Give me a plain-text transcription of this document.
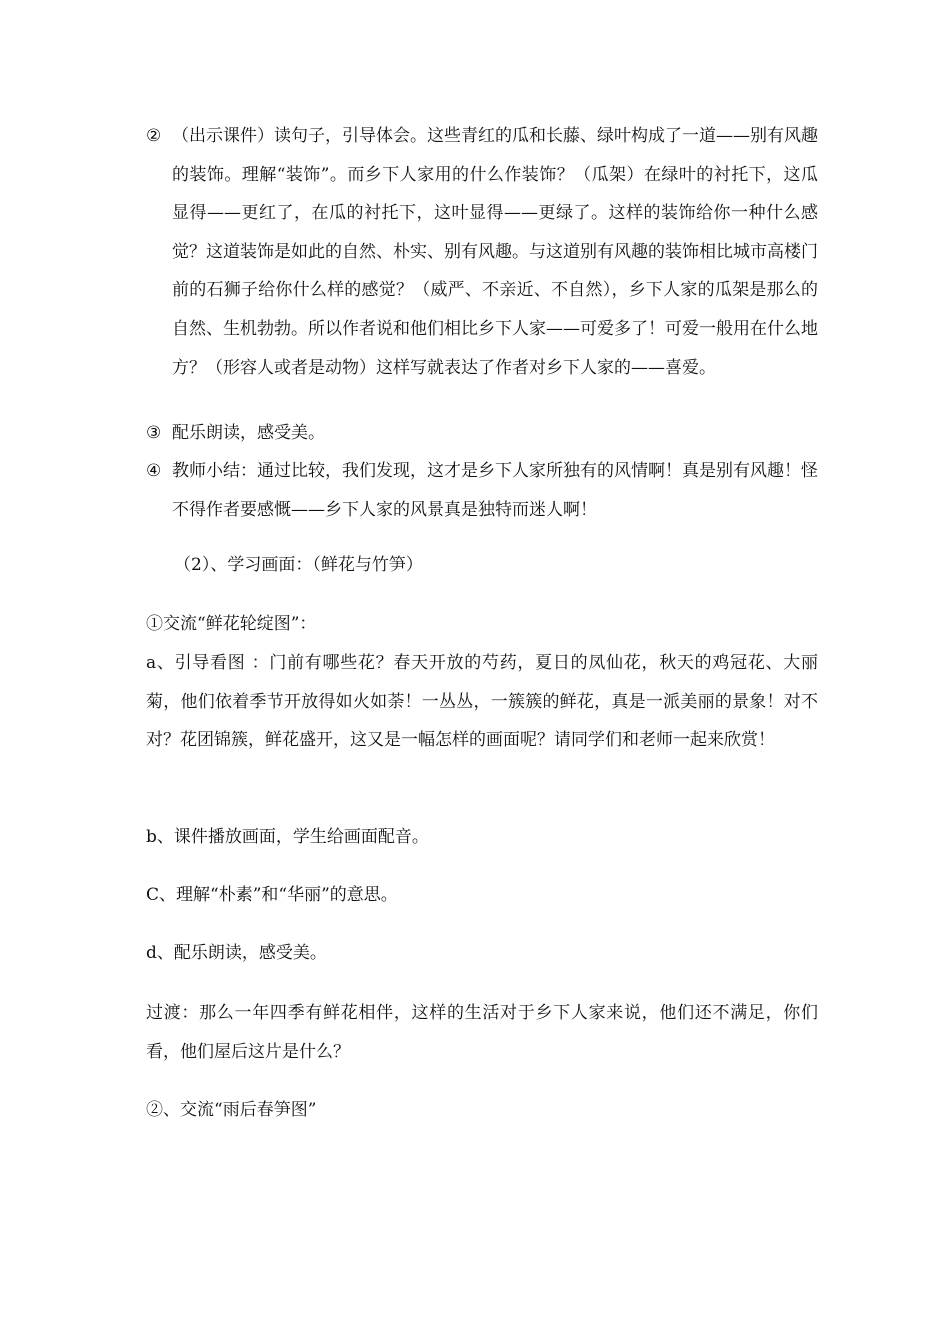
② （出示课件）读句子，引导体会。这些青红的瓜和长藤、绿叶构成了一道——别有风趣的装饰。理解“装饰”。而乡下人家用的什么作装饰？（瓜架）在绿叶的衬托下，这瓜显得——更红了，在瓜的衬托下，这叶显得——更绿了。这样的装饰给你一种什么感觉？这道装饰是如此的自然、朴实、别有风趣。与这道别有风趣的装饰相比城市高楼门前的石狮子给你什么样的感觉？（威严、不亲近、不自然），乡下人家的瓜架是那么的自然、生机勃勃。所以作者说和他们相比乡下人家——可爱多了！可爱一般用在什么地方？（形容人或者是动物）这样写就表达了作者对乡下人家的——喜爱。
③ 配乐朗读，感受美。
④ 教师小结：通过比较，我们发现，这才是乡下人家所独有的风情啊！真是别有风趣！怪不得作者要感慨——乡下人家的风景真是独特而迷人啊！
（2）、学习画面：（鲜花与竹笋）
①交流“鲜花轮绽图”：
a、引导看图 ：门前有哪些花？春天开放的芍药，夏日的凤仙花，秋天的鸡冠花、大丽菊，他们依着季节开放得如火如荼！一丛丛，一簇簇的鲜花，真是一派美丽的景象！对不对？花团锦簇，鲜花盛开，这又是一幅怎样的画面呢？请同学们和老师一起来欣赏！
b、课件播放画面，学生给画面配音。
C、理解“朴素”和“华丽”的意思。
d、配乐朗读，感受美。
过渡：那么一年四季有鲜花相伴，这样的生活对于乡下人家来说，他们还不满足，你们看，他们屋后这片是什么？
②、交流“雨后春笋图”
